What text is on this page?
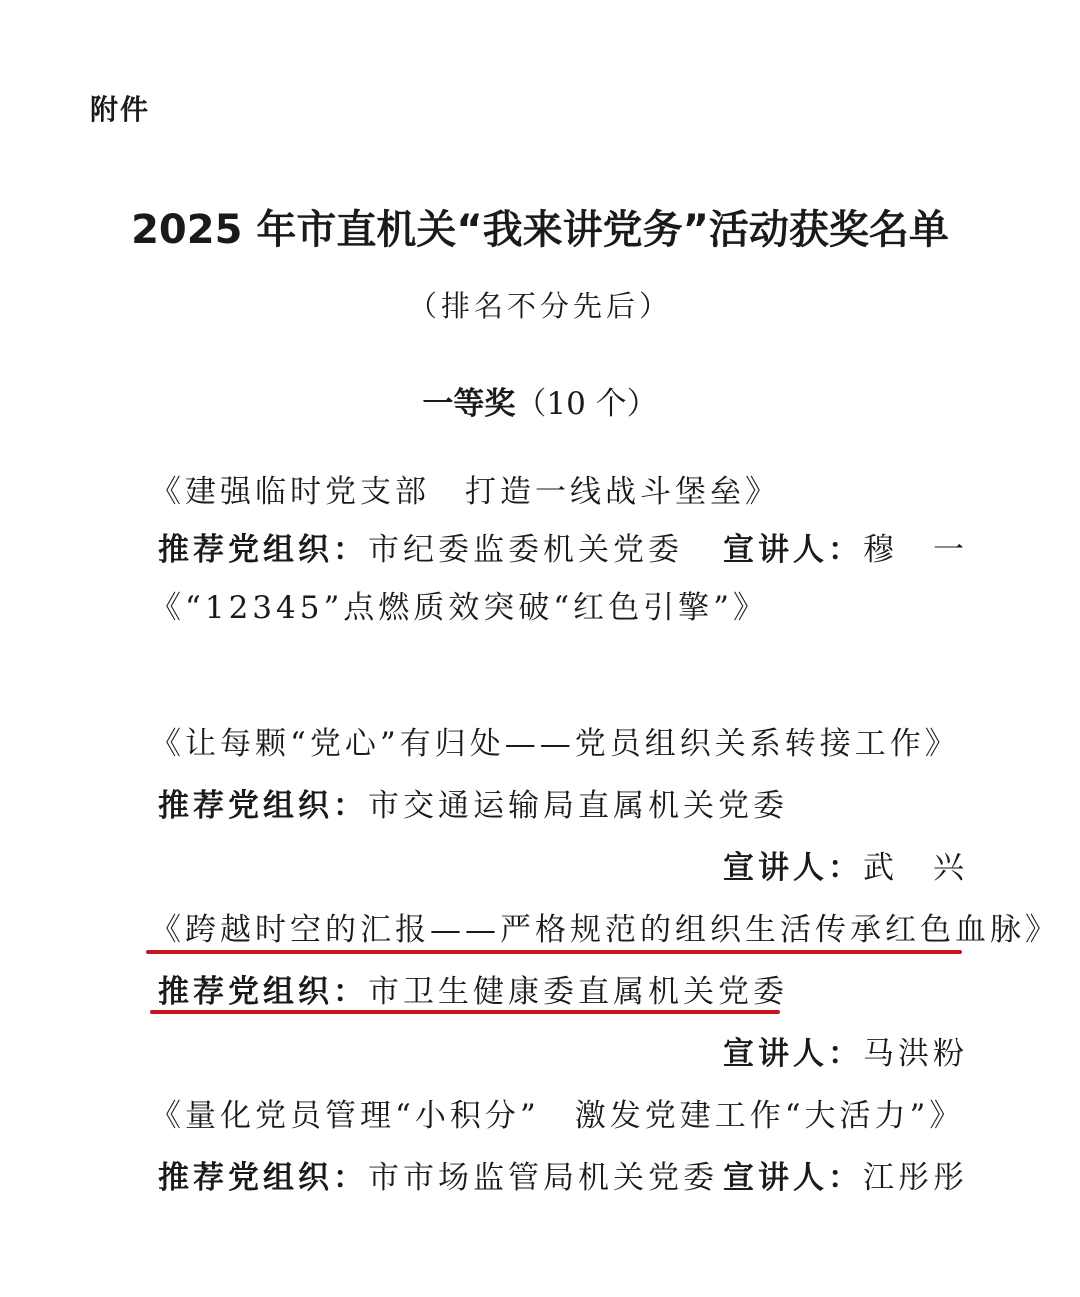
附件
2025 年市直机关“我来讲党务”活动获奖名单
（排名不分先后）
一等奖（10 个）
《建强临时党支部　打造一线战斗堡垒》
推荐党组织：市纪委监委机关党委 宣讲人：穆　一
《“12345”点燃质效突破“红色引擎”》
《让每颗“党心”有归处——党员组织关系转接工作》
推荐党组织：市交通运输局直属机关党委
宣讲人：武　兴
《跨越时空的汇报——严格规范的组织生活传承红色血脉》
推荐党组织：市卫生健康委直属机关党委
宣讲人：马洪粉
《量化党员管理“小积分”　激发党建工作“大活力”》
推荐党组织：市市场监管局机关党委 宣讲人：江彤彤
